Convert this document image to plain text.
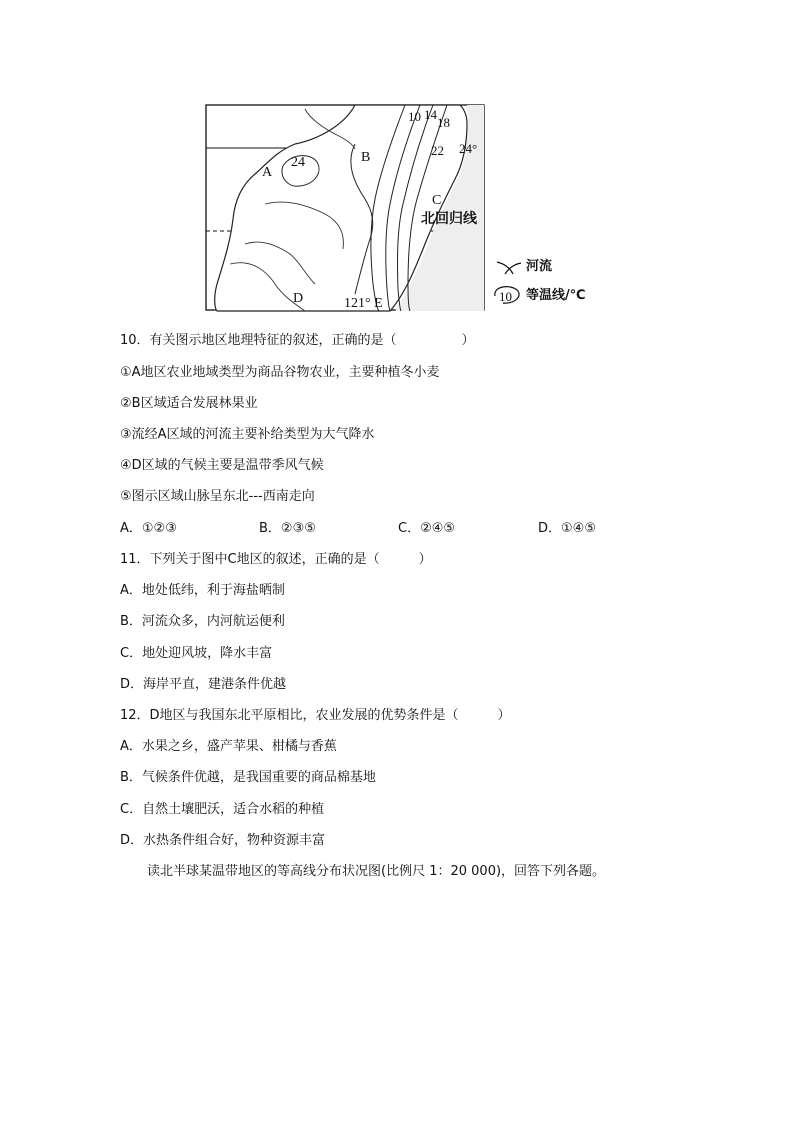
A
B
C
D
24
10 14
18
22 24°
121° E
北回归线
河流
10 等温线/℃
10．有关图示地区地理特征的叙述，正确的是（　　　　　）
①A地区农业地域类型为商品谷物农业，主要种植冬小麦
②B区域适合发展林果业
③流经A区域的河流主要补给类型为大气降水
④D区域的气候主要是温带季风气候
⑤图示区域山脉呈东北---西南走向
A．①②③	B．②③⑤	C．②④⑤	D．①④⑤
11．下列关于图中C地区的叙述，正确的是（　　　）
A．地处低纬，利于海盐晒制
B．河流众多，内河航运便利
C．地处迎风坡，降水丰富
D．海岸平直，建港条件优越
12．D地区与我国东北平原相比，农业发展的优势条件是（　　　）
A．水果之乡，盛产苹果、柑橘与香蕉
B．气候条件优越，是我国重要的商品棉基地
C．自然土壤肥沃，适合水稻的种植
D．水热条件组合好，物种资源丰富
读北半球某温带地区的等高线分布状况图(比例尺 1：20 000)，回答下列各题。
